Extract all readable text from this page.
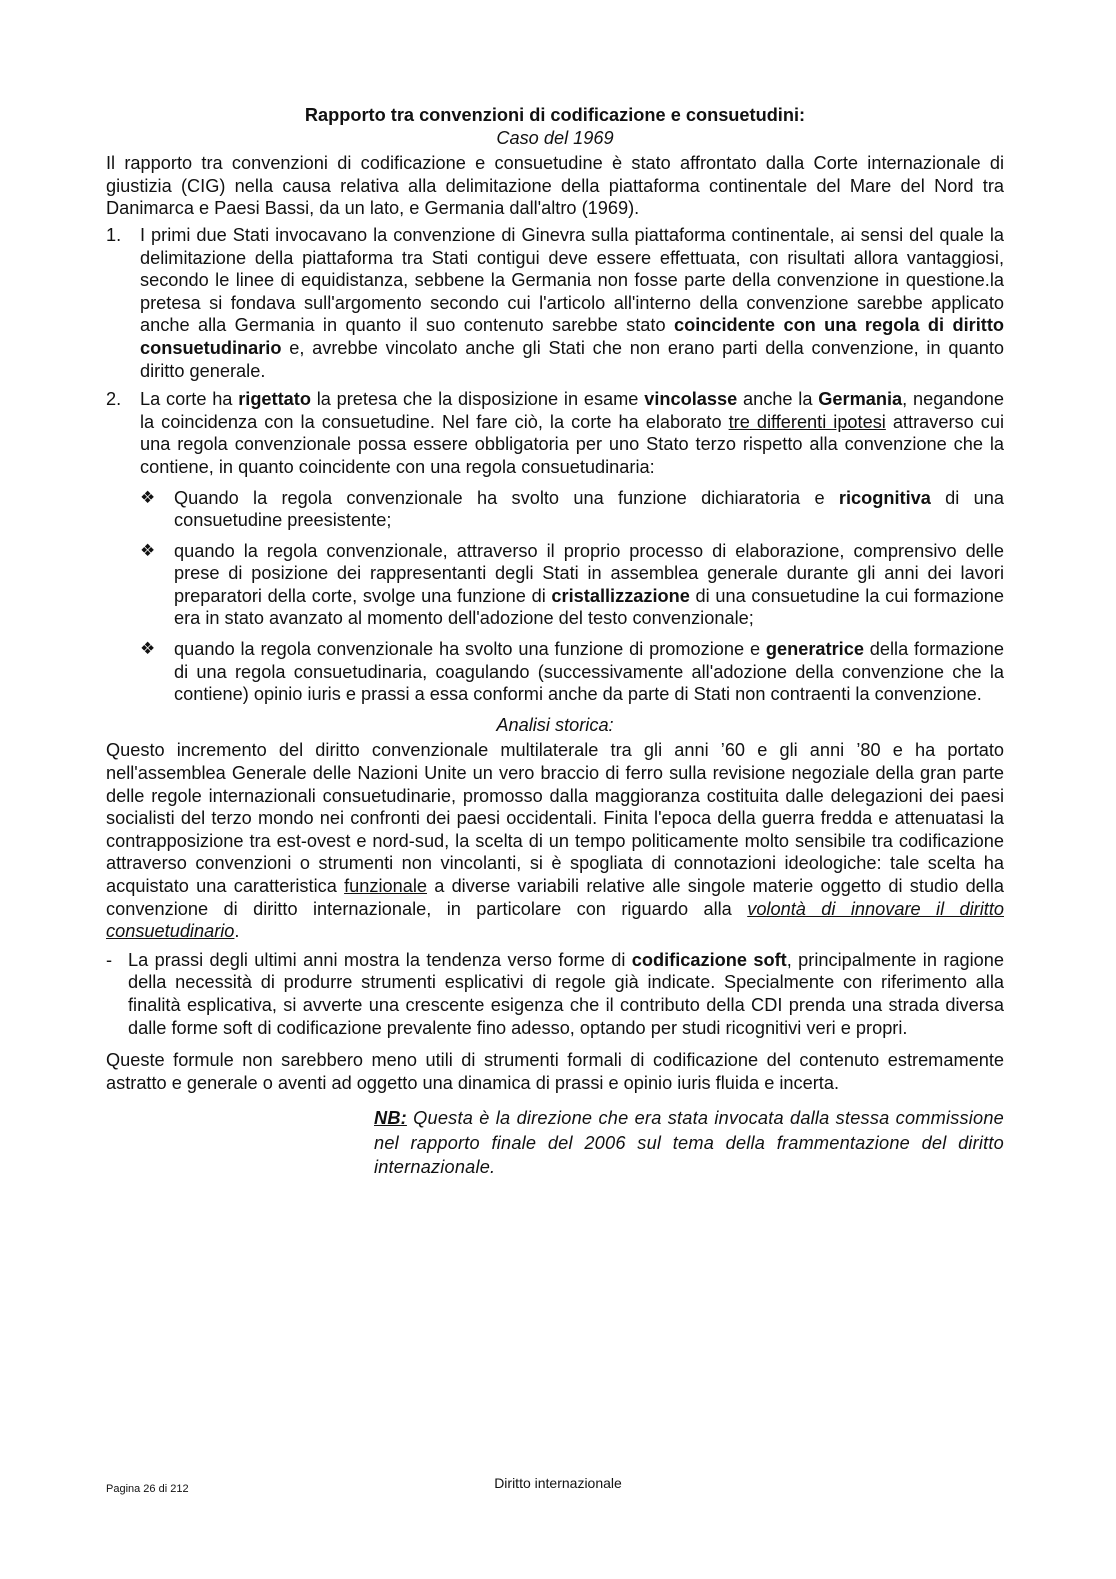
Rapporto tra convenzioni di codificazione e consuetudini:

Caso del 1969

Il rapporto tra convenzioni di codificazione e consuetudine è stato affrontato dalla Corte internazionale di giustizia (CIG) nella causa relativa alla delimitazione della piattaforma continentale del Mare del Nord tra Danimarca e Paesi Bassi, da un lato, e Germania dall'altro (1969).

1.	I primi due Stati invocavano la convenzione di Ginevra sulla piattaforma continentale, ai sensi del quale la delimitazione della piattaforma tra Stati contigui deve essere effettuata, con risultati allora vantaggiosi, secondo le linee di equidistanza, sebbene la Germania non fosse parte della convenzione in questione.la pretesa si fondava sull'argomento secondo cui l'articolo all'interno della convenzione sarebbe applicato anche alla Germania in quanto il suo contenuto sarebbe stato coincidente con una regola di diritto consuetudinario e, avrebbe vincolato anche gli Stati che non erano parti della convenzione, in quanto diritto generale.
2.	La corte ha rigettato la pretesa che la disposizione in esame vincolasse anche la Germania, negandone la coincidenza con la consuetudine. Nel fare ciò, la corte ha elaborato tre differenti ipotesi attraverso cui una regola convenzionale possa essere obbligatoria per uno Stato terzo rispetto alla convenzione che la contiene, in quanto coincidente con una regola consuetudinaria:
❖ Quando la regola convenzionale ha svolto una funzione dichiaratoria e ricognitiva di una consuetudine preesistente;
❖ quando la regola convenzionale, attraverso il proprio processo di elaborazione, comprensivo delle prese di posizione dei rappresentanti degli Stati in assemblea generale durante gli anni dei lavori preparatori della corte, svolge una funzione di cristallizzazione di una consuetudine la cui formazione era in stato avanzato al momento dell'adozione del testo convenzionale;
❖ quando la regola convenzionale ha svolto una funzione di promozione e generatrice della formazione di una regola consuetudinaria, coagulando (successivamente all'adozione della convenzione che la contiene) opinio iuris e prassi a essa conformi anche da parte di Stati non contraenti la convenzione.

Analisi storica:

Questo incremento del diritto convenzionale multilaterale tra gli anni ’60 e gli anni ’80 e ha portato nell'assemblea Generale delle Nazioni Unite un vero braccio di ferro sulla revisione negoziale della gran parte delle regole internazionali consuetudinarie, promosso dalla maggioranza costituita dalle delegazioni dei paesi socialisti del terzo mondo nei confronti dei paesi occidentali. Finita l'epoca della guerra fredda e attenuatasi la contrapposizione tra est-ovest e nord-sud, la scelta di un tempo politicamente molto sensibile tra codificazione attraverso convenzioni o strumenti non vincolanti, si è spogliata di connotazioni ideologiche: tale scelta ha acquistato una caratteristica funzionale a diverse variabili relative alle singole materie oggetto di studio della convenzione di diritto internazionale, in particolare con riguardo alla volontà di innovare il diritto consuetudinario.

- La prassi degli ultimi anni mostra la tendenza verso forme di codificazione soft, principalmente in ragione della necessità di produrre strumenti esplicativi di regole già indicate. Specialmente con riferimento alla finalità esplicativa, si avverte una crescente esigenza che il contributo della CDI prenda una strada diversa dalle forme soft di codificazione prevalente fino adesso, optando per studi ricognitivi veri e propri.

Queste formule non sarebbero meno utili di strumenti formali di codificazione del contenuto estremamente astratto e generale o aventi ad oggetto una dinamica di prassi e opinio iuris fluida e incerta.

NB: Questa è la direzione che era stata invocata dalla stessa commissione nel rapporto finale del 2006 sul tema della frammentazione del diritto internazionale.

Pagina 26 di 212	Diritto internazionale
